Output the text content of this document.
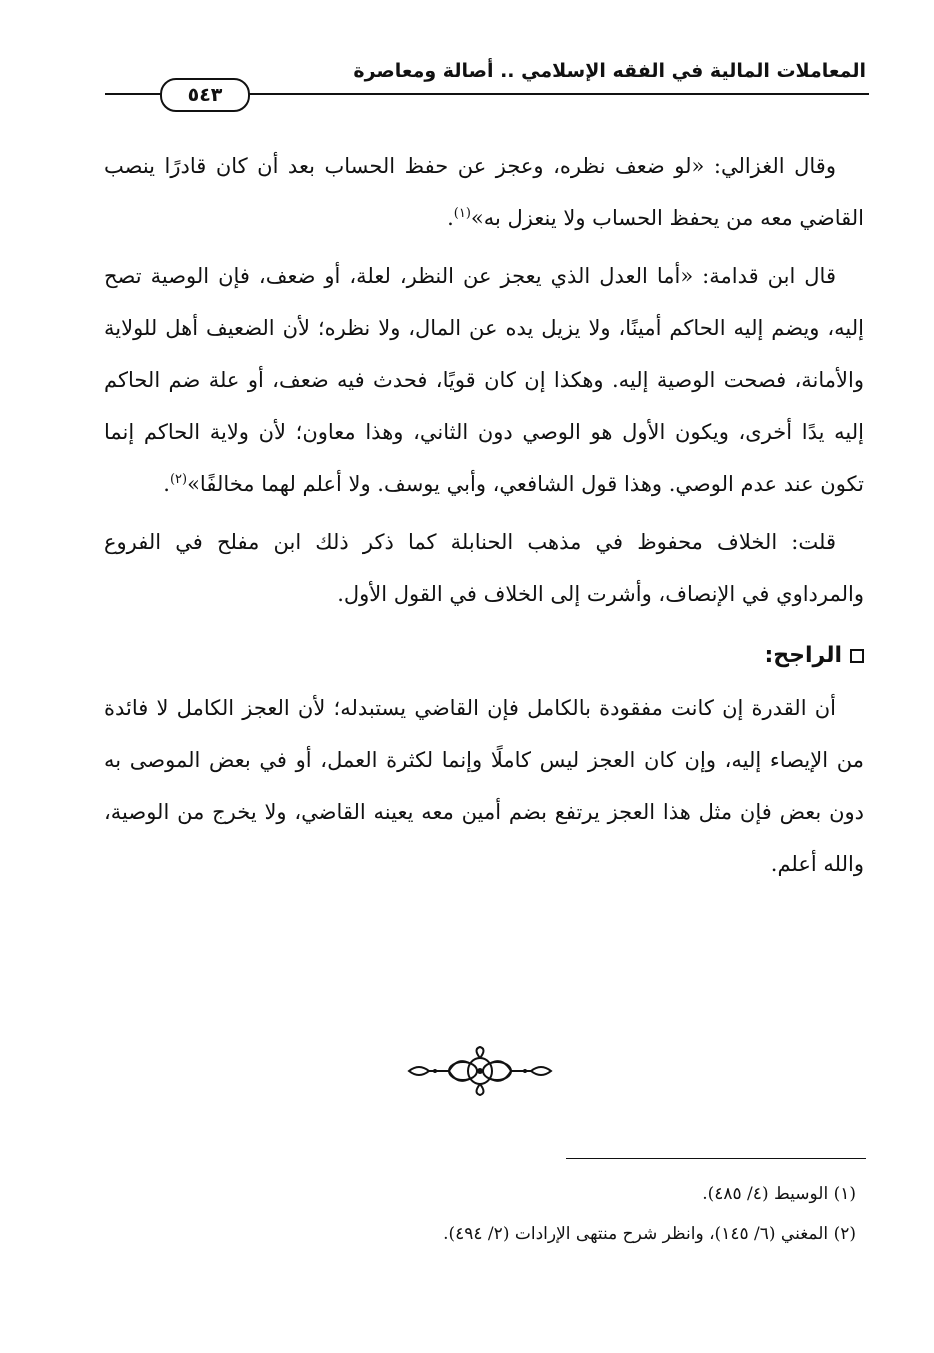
المعاملات المالية في الفقه الإسلامي .. أصالة ومعاصرة
٥٤٣

وقال الغزالي: «لو ضعف نظره، وعجز عن حفظ الحساب بعد أن كان قادرًا ينصب القاضي معه من يحفظ الحساب ولا ينعزل به»$^{(١)}$.

قال ابن قدامة: «أما العدل الذي يعجز عن النظر، لعلة، أو ضعف، فإن الوصية تصح إليه، ويضم إليه الحاكم أمينًا، ولا يزيل يده عن المال، ولا نظره؛ لأن الضعيف أهل للولاية والأمانة، فصحت الوصية إليه. وهكذا إن كان قويًا، فحدث فيه ضعف، أو علة ضم الحاكم إليه يدًا أخرى، ويكون الأول هو الوصي دون الثاني، وهذا معاون؛ لأن ولاية الحاكم إنما تكون عند عدم الوصي. وهذا قول الشافعي، وأبي يوسف. ولا أعلم لهما مخالفًا»$^{(٢)}$.

قلت: الخلاف محفوظ في مذهب الحنابلة كما ذكر ذلك ابن مفلح في الفروع والمرداوي في الإنصاف، وأشرت إلى الخلاف في القول الأول.

الراجح:

أن القدرة إن كانت مفقودة بالكامل فإن القاضي يستبدله؛ لأن العجز الكامل لا فائدة من الإيصاء إليه، وإن كان العجز ليس كاملًا وإنما لكثرة العمل، أو في بعض الموصى به دون بعض فإن مثل هذا العجز يرتفع بضم أمين معه يعينه القاضي، ولا يخرج من الوصية، والله أعلم.

(١) الوسيط (٤/ ٤٨٥).
(٢) المغني (٦/ ١٤٥)، وانظر شرح منتهى الإرادات (٢/ ٤٩٤).
